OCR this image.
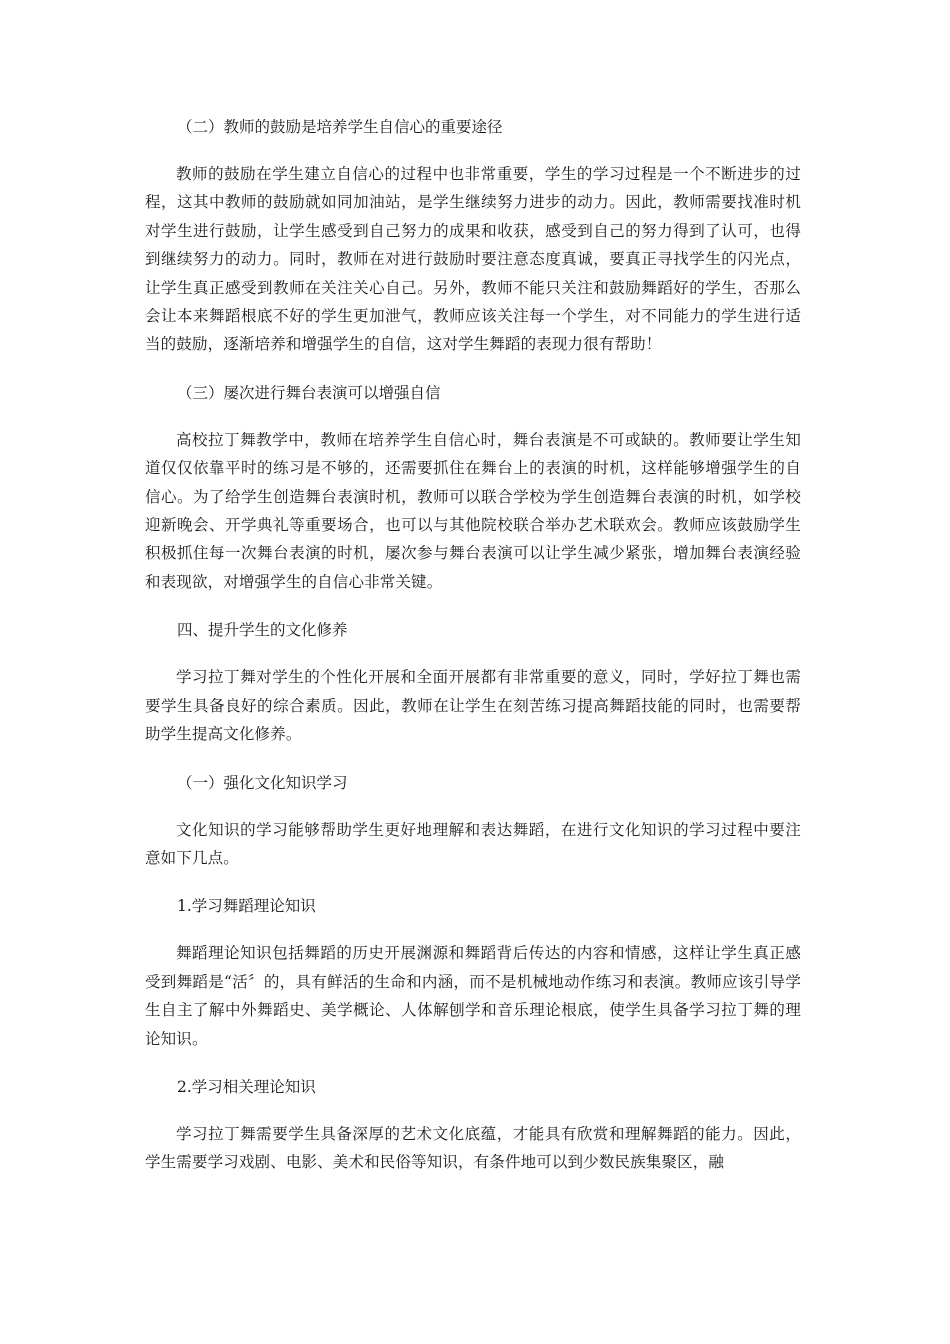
（二）教师的鼓励是培养学生自信心的重要途径

教师的鼓励在学生建立自信心的过程中也非常重要，学生的学习过程是一个不断进步的过程，这其中教师的鼓励就如同加油站，是学生继续努力进步的动力。因此，教师需要找准时机对学生进行鼓励，让学生感受到自己努力的成果和收获，感受到自己的努力得到了认可，也得到继续努力的动力。同时，教师在对进行鼓励时要注意态度真诚，要真正寻找学生的闪光点，让学生真正感受到教师在关注关心自己。另外，教师不能只关注和鼓励舞蹈好的学生，否那么会让本来舞蹈根底不好的学生更加泄气，教师应该关注每一个学生，对不同能力的学生进行适当的鼓励，逐渐培养和增强学生的自信，这对学生舞蹈的表现力很有帮助！

（三）屡次进行舞台表演可以增强自信

高校拉丁舞教学中，教师在培养学生自信心时，舞台表演是不可或缺的。教师要让学生知道仅仅依靠平时的练习是不够的，还需要抓住在舞台上的表演的时机，这样能够增强学生的自信心。为了给学生创造舞台表演时机，教师可以联合学校为学生创造舞台表演的时机，如学校迎新晚会、开学典礼等重要场合，也可以与其他院校联合举办艺术联欢会。教师应该鼓励学生积极抓住每一次舞台表演的时机，屡次参与舞台表演可以让学生减少紧张，增加舞台表演经验和表现欲，对增强学生的自信心非常关键。

四、提升学生的文化修养

学习拉丁舞对学生的个性化开展和全面开展都有非常重要的意义，同时，学好拉丁舞也需要学生具备良好的综合素质。因此，教师在让学生在刻苦练习提高舞蹈技能的同时，也需要帮助学生提高文化修养。

（一）强化文化知识学习

文化知识的学习能够帮助学生更好地理解和表达舞蹈，在进行文化知识的学习过程中要注意如下几点。

1.学习舞蹈理论知识

舞蹈理论知识包括舞蹈的历史开展渊源和舞蹈背后传达的内容和情感，这样让学生真正感受到舞蹈是“活〞的，具有鲜活的生命和内涵，而不是机械地动作练习和表演。教师应该引导学生自主了解中外舞蹈史、美学概论、人体解刨学和音乐理论根底，使学生具备学习拉丁舞的理论知识。

2.学习相关理论知识

学习拉丁舞需要学生具备深厚的艺术文化底蕴，才能具有欣赏和理解舞蹈的能力。因此，学生需要学习戏剧、电影、美术和民俗等知识，有条件地可以到少数民族集聚区，融
